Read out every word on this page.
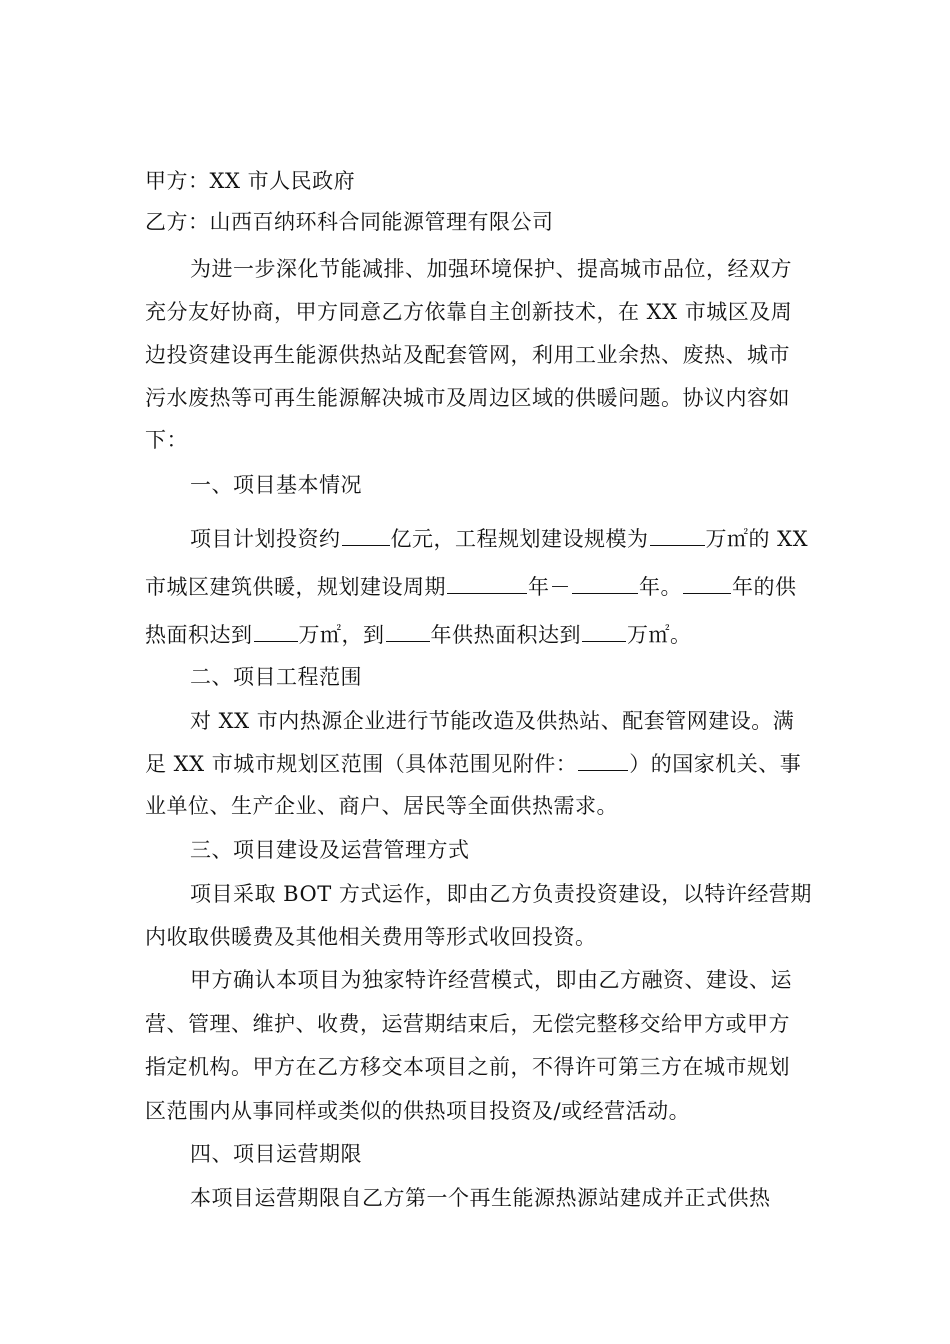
甲方：XX 市人民政府
乙方：山西百纳环科合同能源管理有限公司
为进一步深化节能减排、加强环境保护、提高城市品位，经双方
充分友好协商，甲方同意乙方依靠自主创新技术，在 XX 市城区及周
边投资建设再生能源供热站及配套管网，利用工业余热、废热、城市
污水废热等可再生能源解决城市及周边区域的供暖问题。协议内容如
下：
一、项目基本情况
项目计划投资约 亿元，工程规划建设规模为	万㎡的 XX
市城区建筑供暖，规划建设周期	年－	年。 年的供
热面积达到 万㎡，到 年供热面积达到 万㎡。
二、项目工程范围
对 XX 市内热源企业进行节能改造及供热站、配套管网建设。满
足 XX 市城市规划区范围（具体范围见附件： ）的国家机关、事
业单位、生产企业、商户、居民等全面供热需求。
三、项目建设及运营管理方式
项目采取 BOT 方式运作，即由乙方负责投资建设，以特许经营期
内收取供暖费及其他相关费用等形式收回投资。
甲方确认本项目为独家特许经营模式，即由乙方融资、建设、运
营、管理、维护、收费，运营期结束后，无偿完整移交给甲方或甲方
指定机构。甲方在乙方移交本项目之前，不得许可第三方在城市规划
区范围内从事同样或类似的供热项目投资及/或经营活动。
四、项目运营期限
本项目运营期限自乙方第一个再生能源热源站建成并正式供热
